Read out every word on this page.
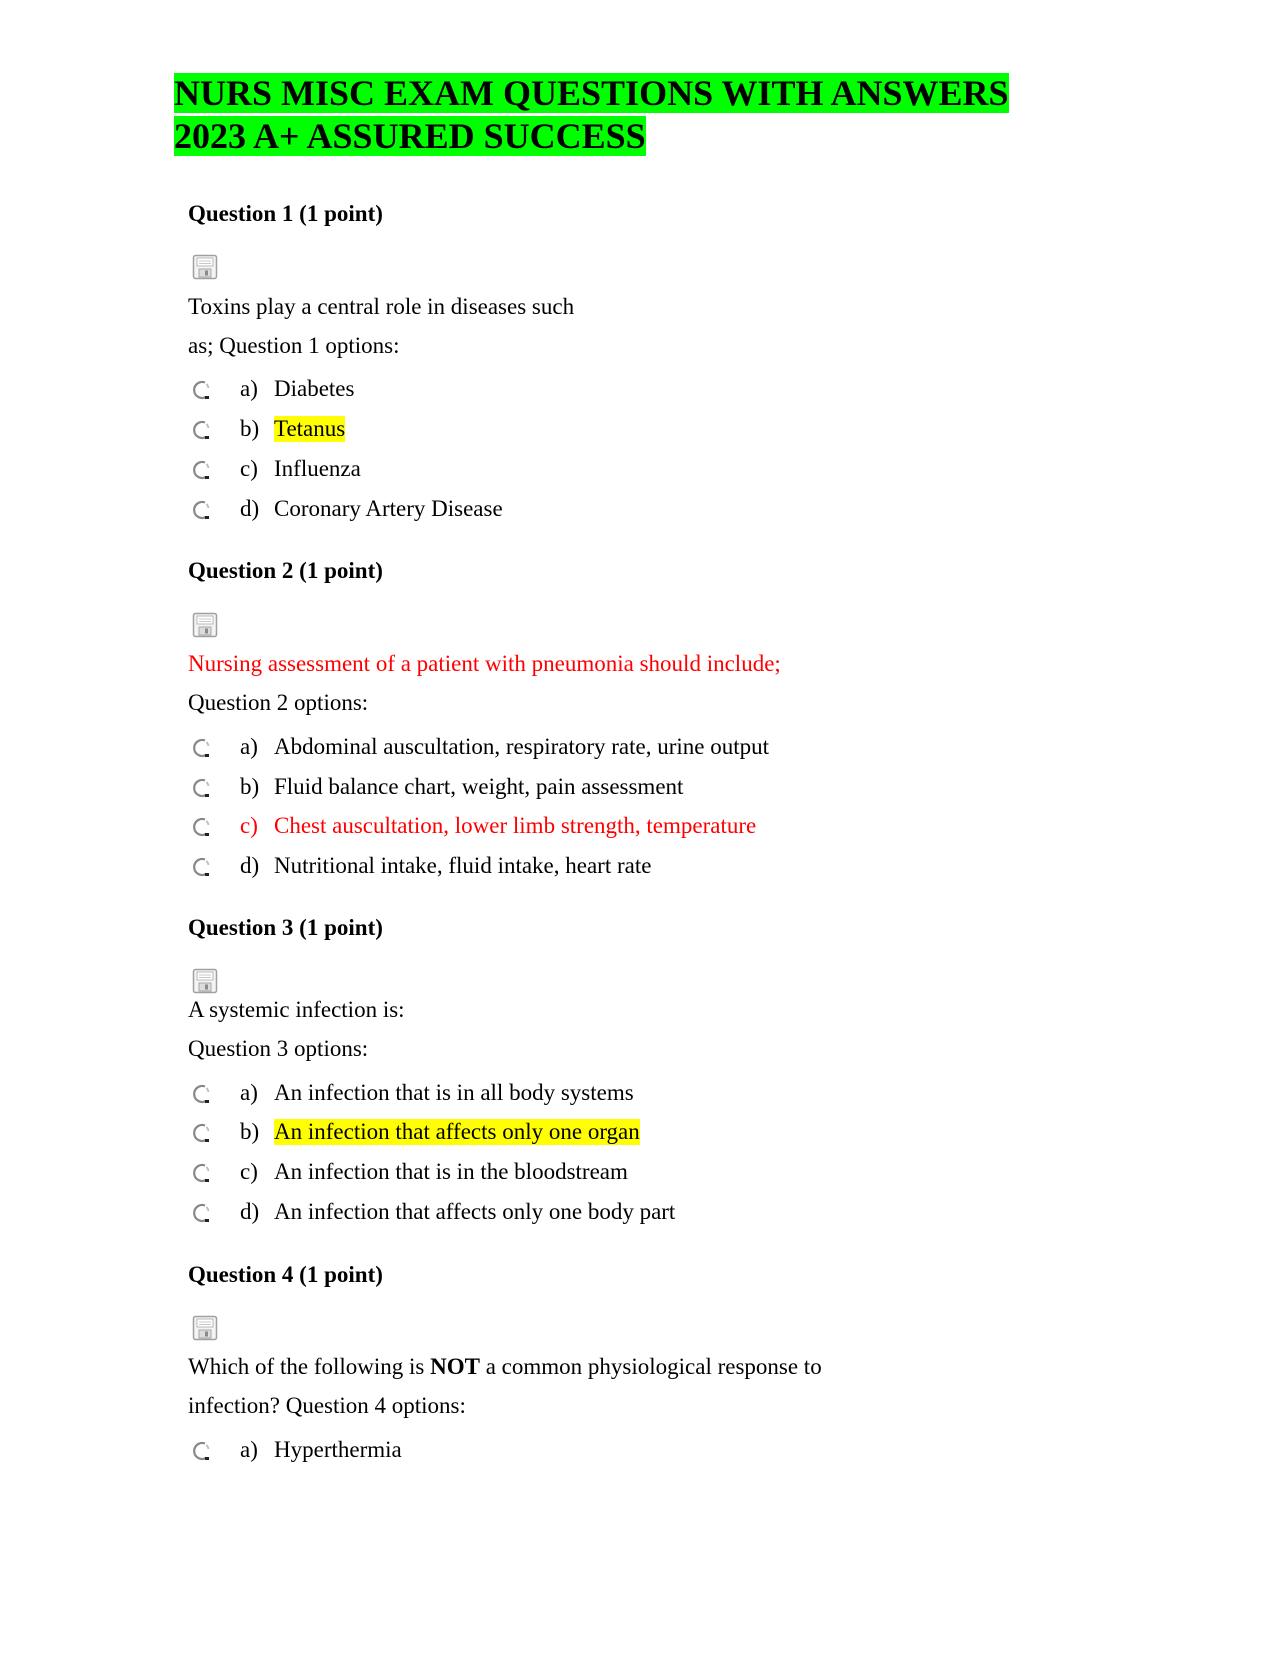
NURS MISC EXAM QUESTIONS WITH ANSWERS
2023 A+ ASSURED SUCCESS

Question 1 (1 point)

Toxins play a central role in diseases such

as; Question 1 options:

a) Diabetes
b) Tetanus
c) Influenza
d) Coronary Artery Disease

Question 2 (1 point)

Nursing assessment of a patient with pneumonia should include;

Question 2 options:

a) Abdominal auscultation, respiratory rate, urine output
b) Fluid balance chart, weight, pain assessment
c) Chest auscultation, lower limb strength, temperature
d) Nutritional intake, fluid intake, heart rate

Question 3 (1 point)

A systemic infection is:

Question 3 options:

a) An infection that is in all body systems
b) An infection that affects only one organ
c) An infection that is in the bloodstream
d) An infection that affects only one body part

Question 4 (1 point)

Which of the following is NOT a common physiological response to

infection? Question 4 options:

a) Hyperthermia
